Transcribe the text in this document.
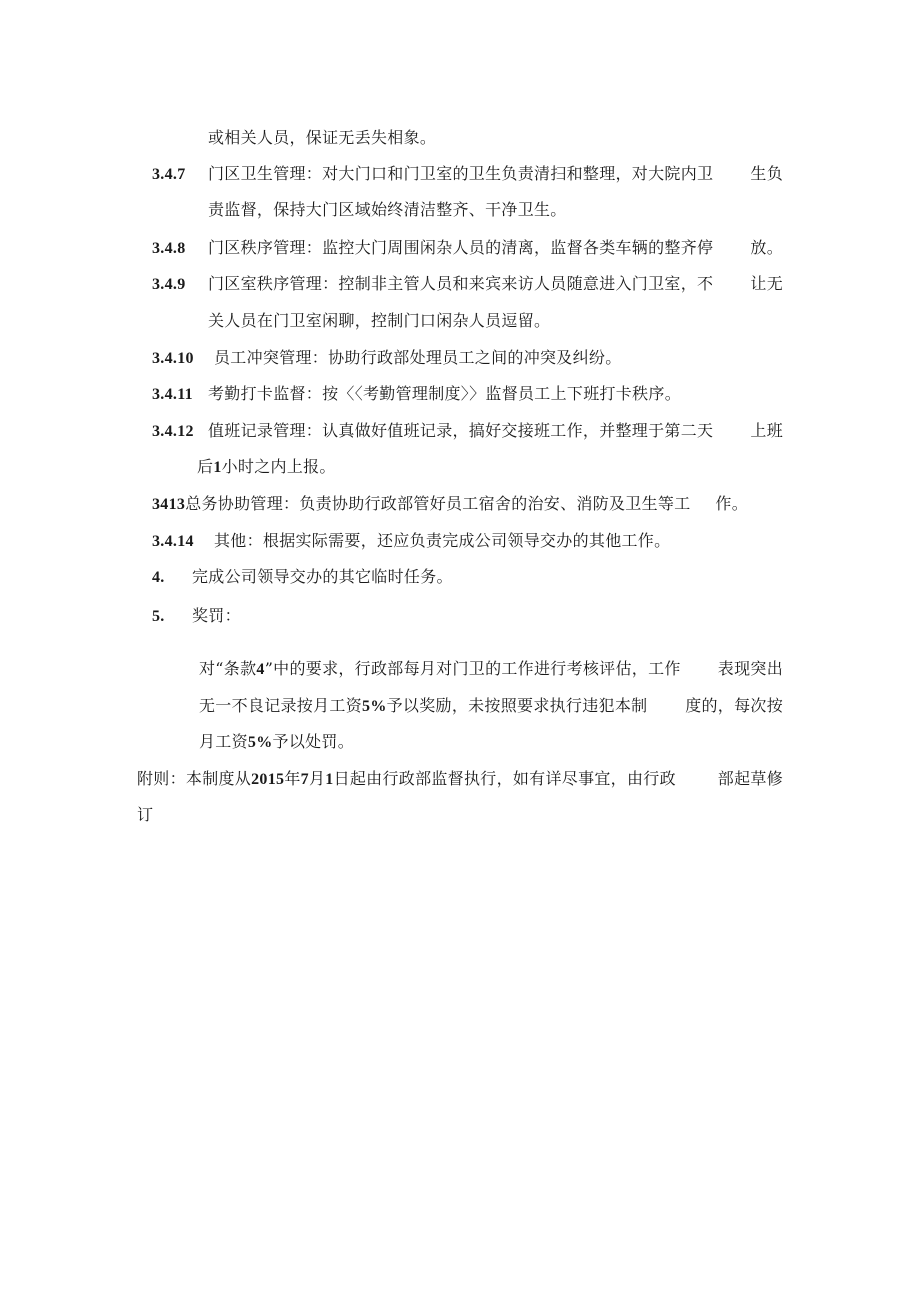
或相关人员，保证无丢失相象。
3.4.7 门区卫生管理：对大门口和门卫室的卫生负责清扫和整理，对大院内卫 生负
责监督，保持大门区域始终清洁整齐、干净卫生。
3.4.8 门区秩序管理：监控大门周围闲杂人员的清离，监督各类车辆的整齐停 放。
3.4.9 门区室秩序管理：控制非主管人员和来宾来访人员随意进入门卫室，不 让无
关人员在门卫室闲聊，控制门口闲杂人员逗留。
3.4.10 员工冲突管理：协助行政部处理员工之间的冲突及纠纷。
3.4.11 考勤打卡监督：按〈〈考勤管理制度〉〉监督员工上下班打卡秩序。
3.4.12 值班记录管理：认真做好值班记录，搞好交接班工作，并整理于第二天 上班
后1小时之内上报。
3413总务协助管理：负责协助行政部管好员工宿舍的治安、消防及卫生等工 作。
3.4.14 其他：根据实际需要，还应负责完成公司领导交办的其他工作。
4. 完成公司领导交办的其它临时任务。
5. 奖罚：
对“条款4”中的要求，行政部每月对门卫的工作进行考核评估，工作 表现突出
无一不良记录按月工资5%予以奖励，未按照要求执行违犯本制 度的，每次按
月工资5%予以处罚。
附则：本制度从2015年7月1日起由行政部监督执行，如有详尽事宜，由行政	部起草修
订
